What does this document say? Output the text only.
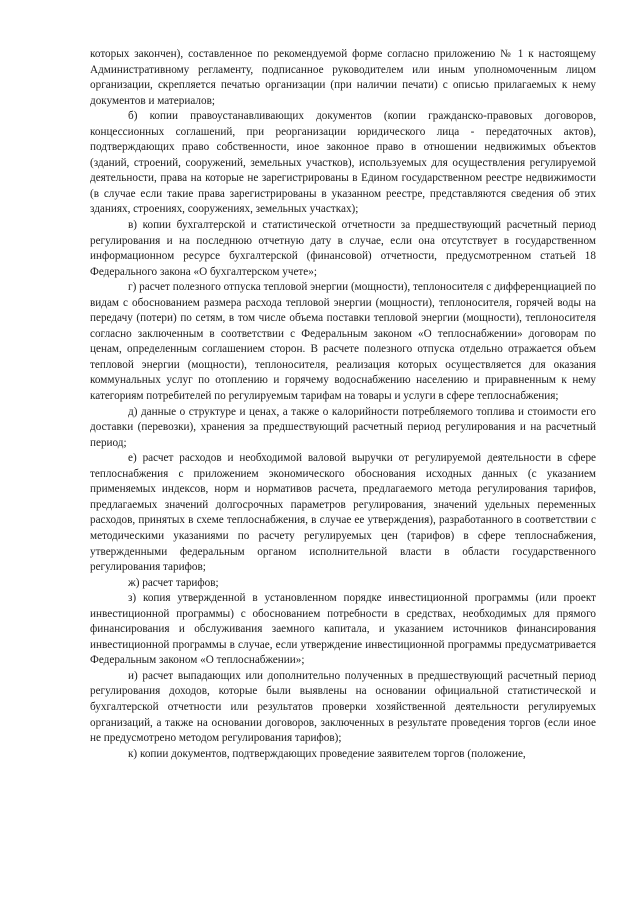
которых закончен), составленное по рекомендуемой форме согласно приложению № 1 к настоящему Административному регламенту, подписанное руководителем или иным уполномоченным лицом организации, скрепляется печатью организации (при наличии печати) с описью прилагаемых к нему документов и материалов;

б) копии правоустанавливающих документов (копии гражданско-правовых договоров, концессионных соглашений, при реорганизации юридического лица - передаточных актов), подтверждающих право собственности, иное законное право в отношении недвижимых объектов (зданий, строений, сооружений, земельных участков), используемых для осуществления регулируемой деятельности, права на которые не зарегистрированы в Едином государственном реестре недвижимости (в случае если такие права зарегистрированы в указанном реестре, представляются сведения об этих зданиях, строениях, сооружениях, земельных участках);

в) копии бухгалтерской и статистической отчетности за предшествующий расчетный период регулирования и на последнюю отчетную дату в случае, если она отсутствует в государственном информационном ресурсе бухгалтерской (финансовой) отчетности, предусмотренном статьей 18 Федерального закона «О бухгалтерском учете»;

г) расчет полезного отпуска тепловой энергии (мощности), теплоносителя с дифференциацией по видам с обоснованием размера расхода тепловой энергии (мощности), теплоносителя, горячей воды на передачу (потери) по сетям, в том числе объема поставки тепловой энергии (мощности), теплоносителя согласно заключенным в соответствии с Федеральным законом «О теплоснабжении» договорам по ценам, определенным соглашением сторон. В расчете полезного отпуска отдельно отражается объем тепловой энергии (мощности), теплоносителя, реализация которых осуществляется для оказания коммунальных услуг по отоплению и горячему водоснабжению населению и приравненным к нему категориям потребителей по регулируемым тарифам на товары и услуги в сфере теплоснабжения;

д) данные о структуре и ценах, а также о калорийности потребляемого топлива и стоимости его доставки (перевозки), хранения за предшествующий расчетный период регулирования и на расчетный период;

е) расчет расходов и необходимой валовой выручки от регулируемой деятельности в сфере теплоснабжения с приложением экономического обоснования исходных данных (с указанием применяемых индексов, норм и нормативов расчета, предлагаемого метода регулирования тарифов, предлагаемых значений долгосрочных параметров регулирования, значений удельных переменных расходов, принятых в схеме теплоснабжения, в случае ее утверждения), разработанного в соответствии с методическими указаниями по расчету регулируемых цен (тарифов) в сфере теплоснабжения, утвержденными федеральным органом исполнительной власти в области государственного регулирования тарифов;

ж) расчет тарифов;

з) копия утвержденной в установленном порядке инвестиционной программы (или проект инвестиционной программы) с обоснованием потребности в средствах, необходимых для прямого финансирования и обслуживания заемного капитала, и указанием источников финансирования инвестиционной программы в случае, если утверждение инвестиционной программы предусматривается Федеральным законом «О теплоснабжении»;

и) расчет выпадающих или дополнительно полученных в предшествующий расчетный период регулирования доходов, которые были выявлены на основании официальной статистической и бухгалтерской отчетности или результатов проверки хозяйственной деятельности регулируемых организаций, а также на основании договоров, заключенных в результате проведения торгов (если иное не предусмотрено методом регулирования тарифов);

к) копии документов, подтверждающих проведение заявителем торгов (положение,
